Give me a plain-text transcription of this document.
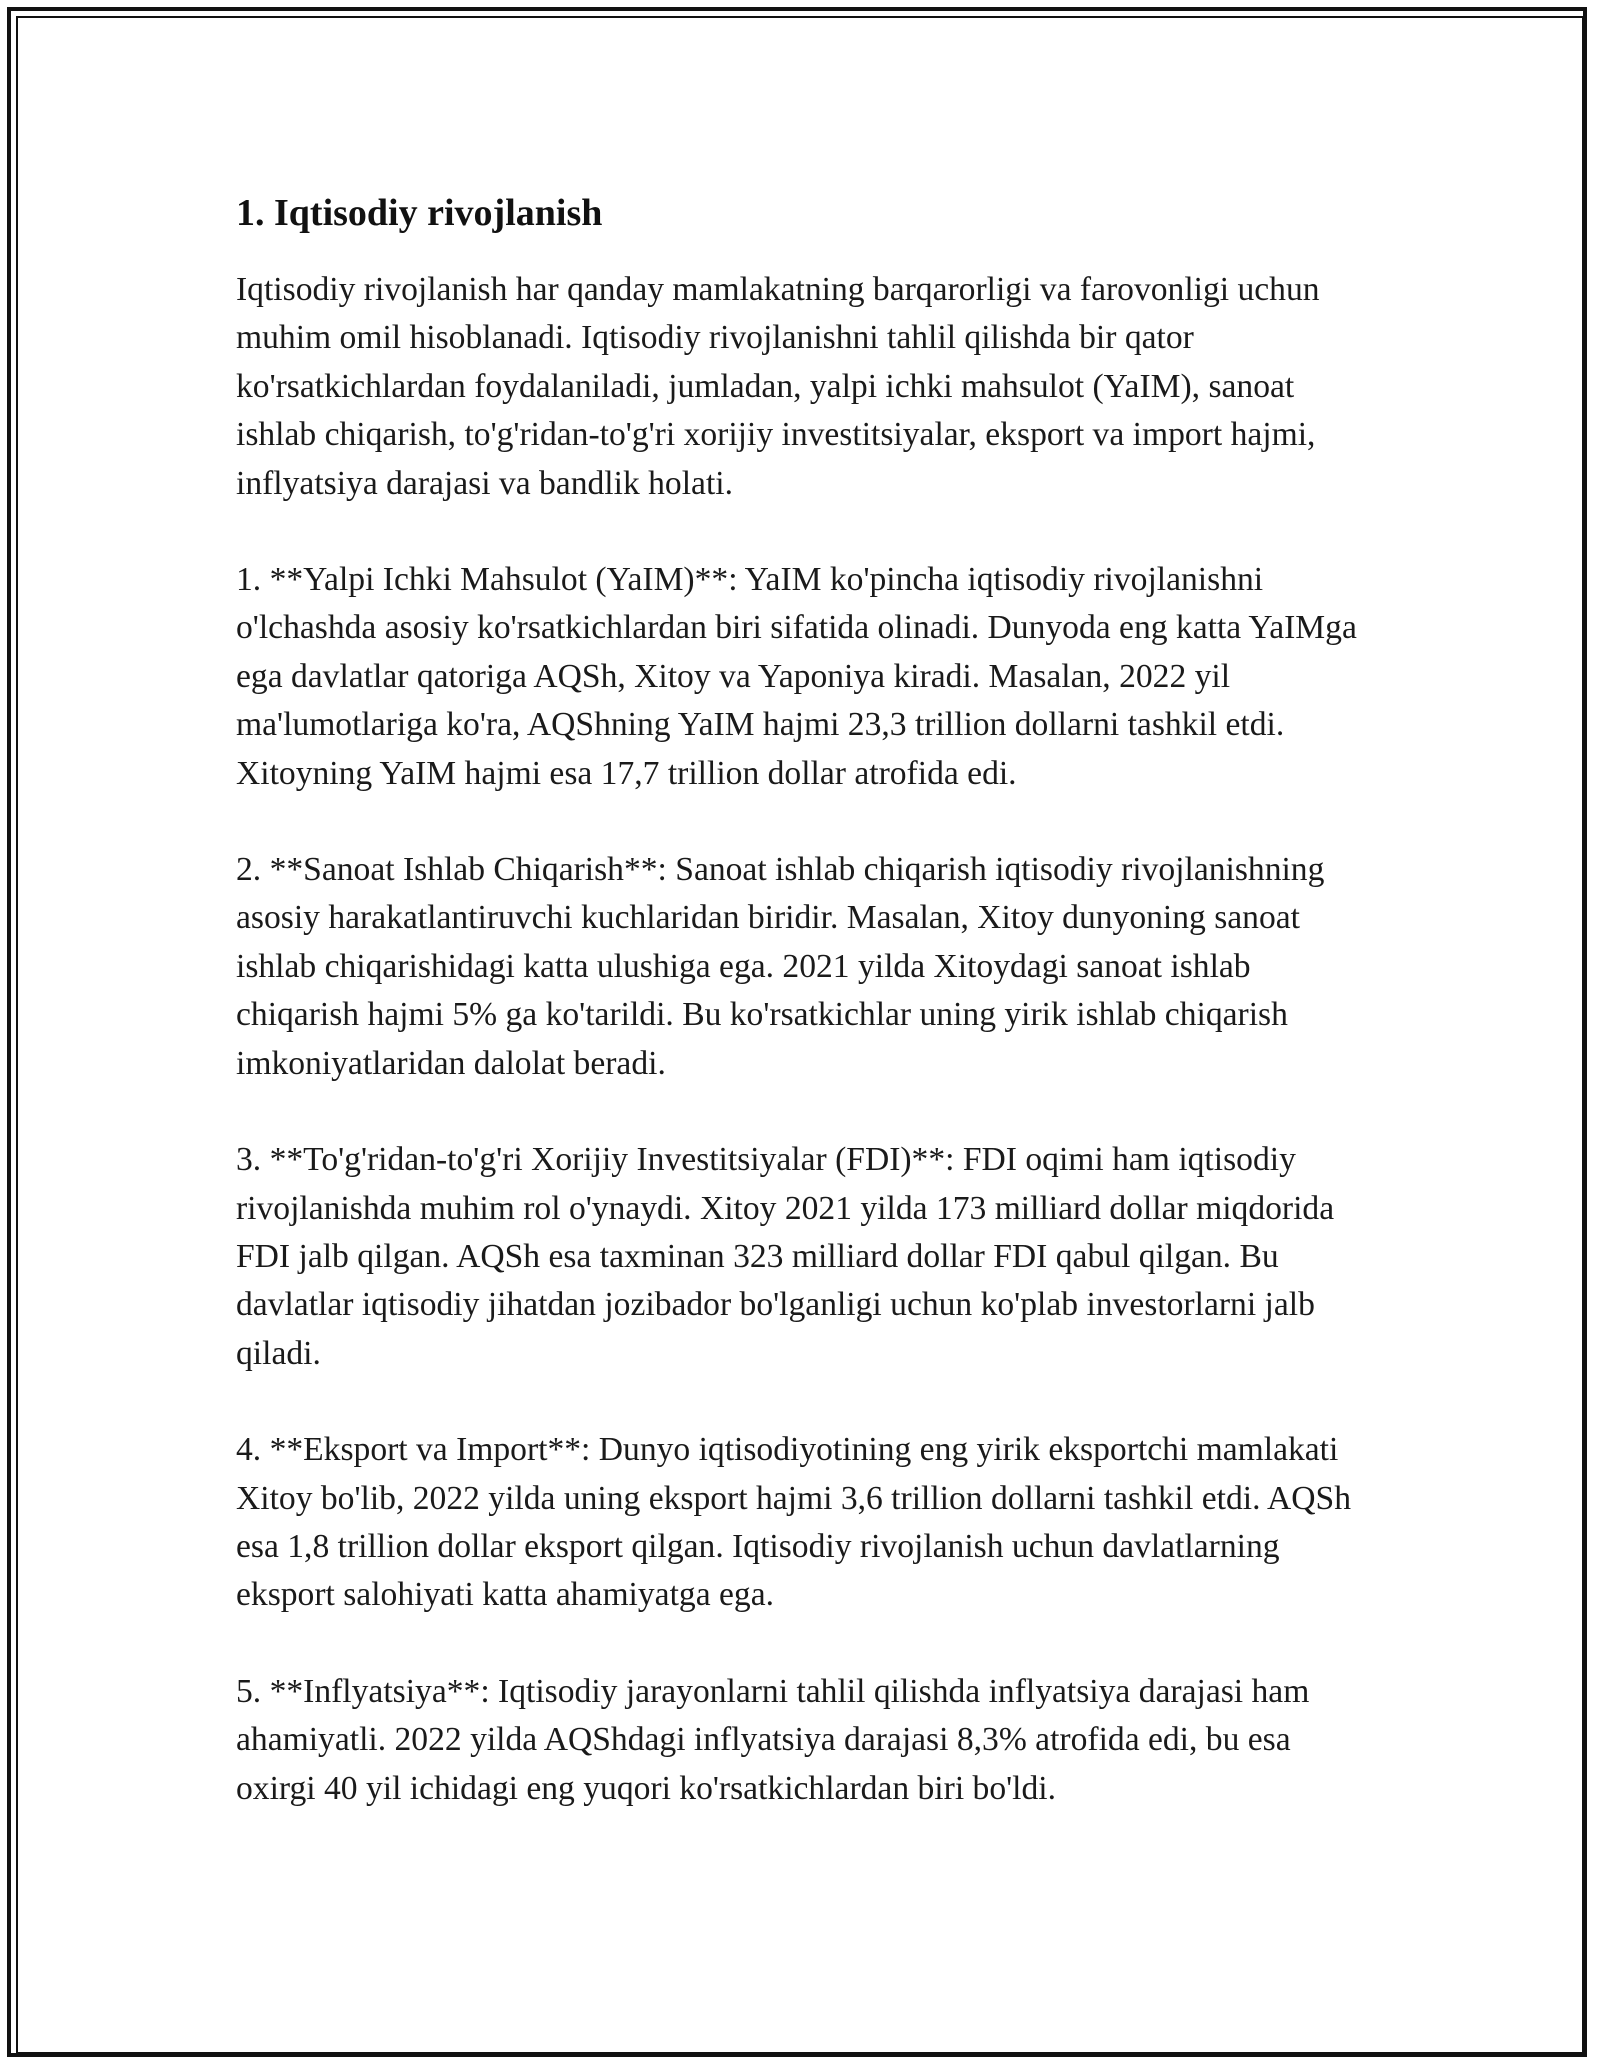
1. Iqtisodiy rivojlanish

Iqtisodiy rivojlanish har qanday mamlakatning barqarorligi va farovonligi uchun muhim omil hisoblanadi. Iqtisodiy rivojlanishni tahlil qilishda bir qator ko'rsatkichlardan foydalaniladi, jumladan, yalpi ichki mahsulot (YaIM), sanoat ishlab chiqarish, to'g'ridan-to'g'ri xorijiy investitsiyalar, eksport va import hajmi, inflyatsiya darajasi va bandlik holati.

1. **Yalpi Ichki Mahsulot (YaIM)**: YaIM ko'pincha iqtisodiy rivojlanishni o'lchashda asosiy ko'rsatkichlardan biri sifatida olinadi. Dunyoda eng katta YaIMga ega davlatlar qatoriga AQSh, Xitoy va Yaponiya kiradi. Masalan, 2022 yil ma'lumotlariga ko'ra, AQShning YaIM hajmi 23,3 trillion dollarni tashkil etdi. Xitoyning YaIM hajmi esa 17,7 trillion dollar atrofida edi.

2. **Sanoat Ishlab Chiqarish**: Sanoat ishlab chiqarish iqtisodiy rivojlanishning asosiy harakatlantiruvchi kuchlaridan biridir. Masalan, Xitoy dunyoning sanoat ishlab chiqarishidagi katta ulushiga ega. 2021 yilda Xitoydagi sanoat ishlab chiqarish hajmi 5% ga ko'tarildi. Bu ko'rsatkichlar uning yirik ishlab chiqarish imkoniyatlaridan dalolat beradi.

3. **To'g'ridan-to'g'ri Xorijiy Investitsiyalar (FDI)**: FDI oqimi ham iqtisodiy rivojlanishda muhim rol o'ynaydi. Xitoy 2021 yilda 173 milliard dollar miqdorida FDI jalb qilgan. AQSh esa taxminan 323 milliard dollar FDI qabul qilgan. Bu davlatlar iqtisodiy jihatdan jozibador bo'lganligi uchun ko'plab investorlarni jalb qiladi.

4. **Eksport va Import**: Dunyo iqtisodiyotining eng yirik eksportchi mamlakati Xitoy bo'lib, 2022 yilda uning eksport hajmi 3,6 trillion dollarni tashkil etdi. AQSh esa 1,8 trillion dollar eksport qilgan. Iqtisodiy rivojlanish uchun davlatlarning eksport salohiyati katta ahamiyatga ega.

5. **Inflyatsiya**: Iqtisodiy jarayonlarni tahlil qilishda inflyatsiya darajasi ham ahamiyatli. 2022 yilda AQShdagi inflyatsiya darajasi 8,3% atrofida edi, bu esa oxirgi 40 yil ichidagi eng yuqori ko'rsatkichlardan biri bo'ldi.
